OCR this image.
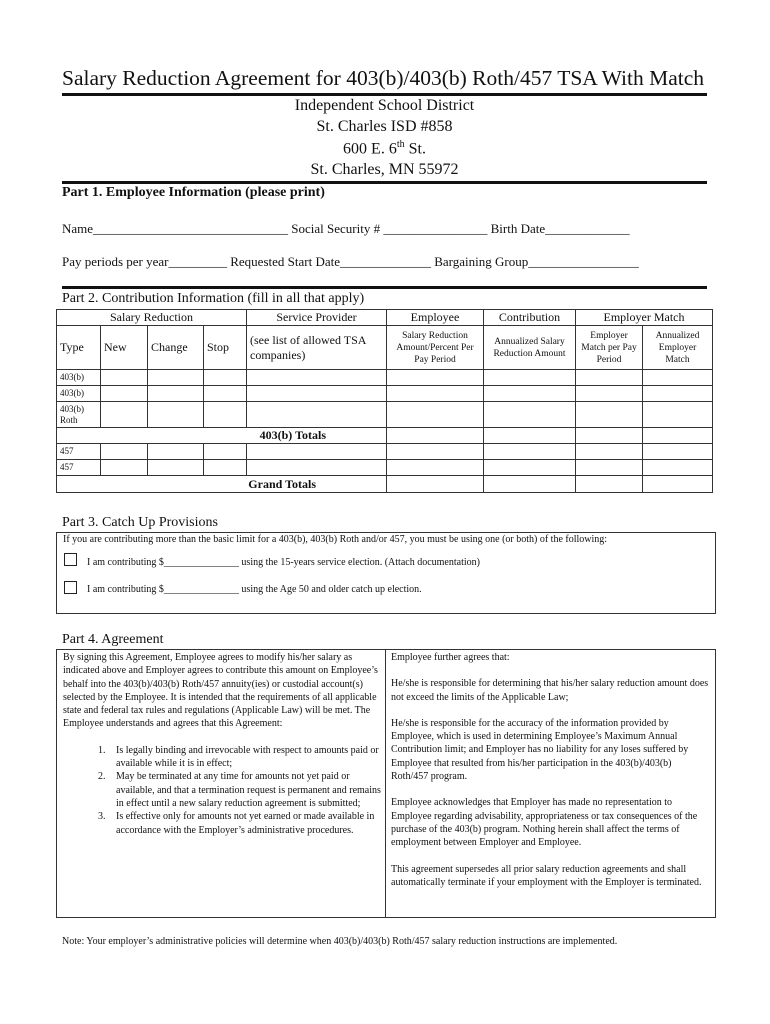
Salary Reduction Agreement for 403(b)/403(b) Roth/457 TSA With Match
Independent School District
St. Charles ISD #858
600 E. 6th St.
St. Charles, MN 55972
Part 1. Employee Information (please print)
Name______________________________ Social Security # ________________ Birth Date_____________
Pay periods per year_________ Requested Start Date______________ Bargaining Group_________________
Part 2. Contribution Information (fill in all that apply)
Salary Reduction				Service Provider	Employee	Contribution	Employer Match	
Type	New	Change	Stop	(see list of allowed TSA companies)	Salary Reduction Amount/Percent Per Pay Period	Annualized Salary Reduction Amount	Employer Match per Pay Period	Annualized Employer Match
403(b)								
403(b)								
403(b) Roth								
403(b) Totals								
457								
457								
Grand Totals								
Part 3. Catch Up Provisions
If you are contributing more than the basic limit for a 403(b), 403(b) Roth and/or 457, you must be using one (or both) of the following:
I am contributing $_______________ using the 15-years service election. (Attach documentation)
I am contributing $_______________ using the Age 50 and older catch up election.
Part 4. Agreement

By signing this Agreement, Employee agrees to modify his/her salary as indicated above and Employer agrees to contribute this amount on Employee’s behalf into the 403(b)/403(b) Roth/457 annuity(ies) or custodial account(s) selected by the Employee. It is intended that the requirements of all applicable state and federal tax rules and regulations (Applicable Law) will be met. The Employee understands and agrees that this Agreement:

1. Is legally binding and irrevocable with respect to amounts paid or available while it is in effect;
2. May be terminated at any time for amounts not yet paid or available, and that a termination request is permanent and remains in effect until a new salary reduction agreement is submitted;
3. Is effective only for amounts not yet earned or made available in accordance with the Employer’s administrative procedures.

Employee further agrees that:

He/she is responsible for determining that his/her salary reduction amount does not exceed the limits of the Applicable Law;

He/she is responsible for the accuracy of the information provided by Employee, which is used in determining Employee’s Maximum Annual Contribution limit; and Employer has no liability for any loses suffered by Employee that resulted from his/her participation in the 403(b)/403(b) Roth/457 program.

Employee acknowledges that Employer has made no representation to Employee regarding advisability, appropriateness or tax consequences of the purchase of the 403(b) program. Nothing herein shall affect the terms of employment between Employer and Employee.

This agreement supersedes all prior salary reduction agreements and shall automatically terminate if your employment with the Employer is terminated.

Note: Your employer’s administrative policies will determine when 403(b)/403(b) Roth/457 salary reduction instructions are implemented.
